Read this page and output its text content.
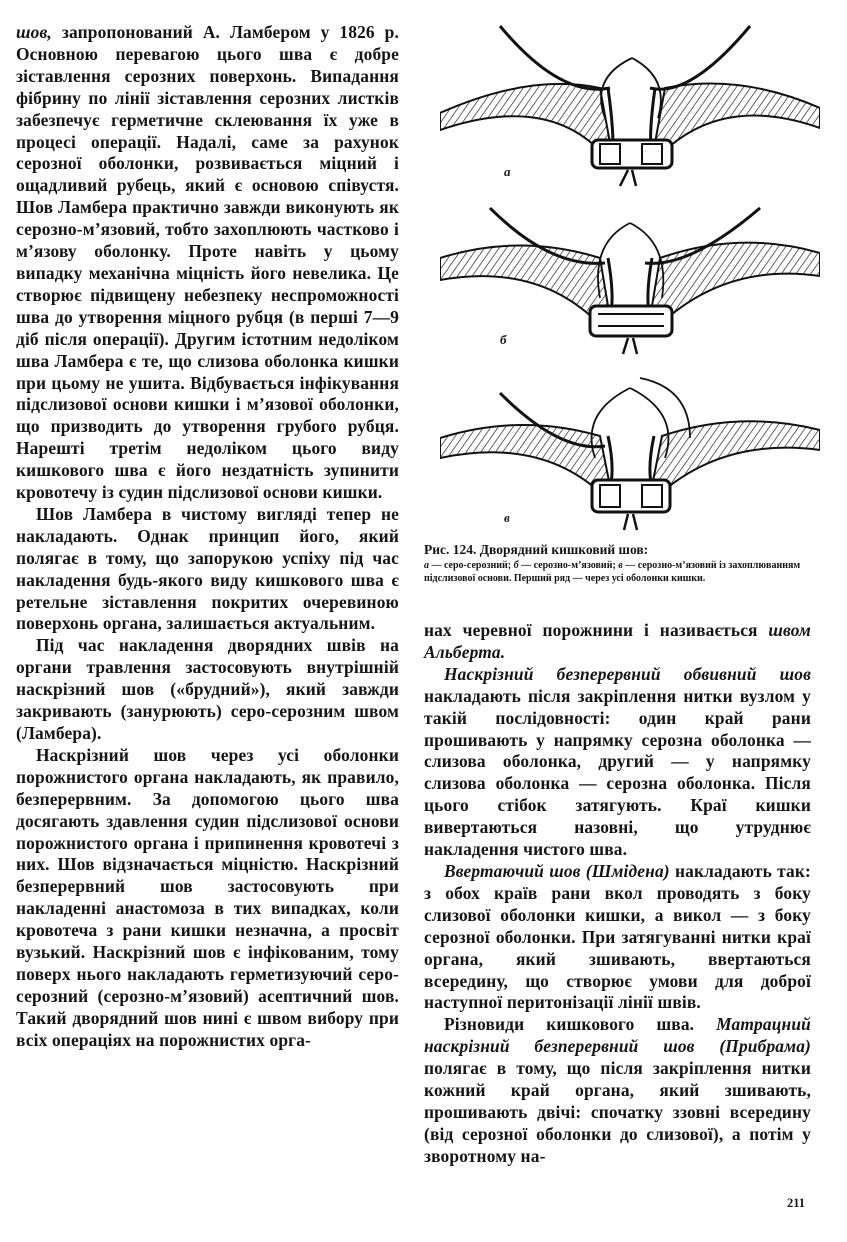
шов, запропонований А. Ламбером у 1826 р. Основною перевагою цього шва є добре зіставлення серозних поверхонь. Випадання фібрину по лінії зіставлення серозних листків забезпечує герметичне склеювання їх уже в процесі операції. Надалі, саме за рахунок серозної оболонки, розвивається міцний і ощадливий рубець, який є основою співустя. Шов Ламбера практично завжди виконують як серозно-м’язовий, тобто захоплюють частково і м’язову оболонку. Проте навіть у цьому випадку механічна міцність його невелика. Це створює підвищену небезпеку неспроможності шва до утворення міцного рубця (в перші 7—9 діб після операції). Другим істотним недоліком шва Ламбера є те, що слизова оболонка кишки при цьому не ушита. Відбувається інфікування підслизової основи кишки і м’язової оболонки, що призводить до утворення грубого рубця. Нарешті третім недоліком цього виду кишкового шва є його нездатність зупинити кровотечу із судин підслизової основи кишки.

Шов Ламбера в чистому вигляді тепер не накладають. Однак принцип його, який полягає в тому, що запорукою успіху під час накладення будь-якого виду кишкового шва є ретельне зіставлення покритих очеревиною поверхонь органа, залишається актуальним.

Під час накладення дворядних швів на органи травлення застосовують внутрішній наскрізний шов («брудний»), який завжди закривають (занурюють) серо-серозним швом (Ламбера).

Наскрізний шов через усі оболонки порожнистого органа накладають, як правило, безперервним. За допомогою цього шва досягають здавлення судин підслизової основи порожнистого органа і припинення кровотечі з них. Шов відзначається міцністю. Наскрізний безперервний шов застосовують при накладенні анастомоза в тих випадках, коли кровотеча з рани кишки незначна, а просвіт вузький. Наскрізний шов є інфікованим, тому поверх нього накладають герметизуючий серо-серозний (серозно-м’язовий) асептичний шов. Такий дворядний шов нині є швом вибору при всіх операціях на порожнистих орга-

а
б
в
Рис. 124. Дворядний кишковий шов:
а — серо-серозний; б — серозно-м’язовий; в — серозно-м’язовий із захоплюванням підслизової основи. Перший ряд — через усі оболонки кишки.

нах черевної порожнини і називається швом Альберта.

Наскрізний безперервний обвивний шов накладають після закріплення нитки вузлом у такій послідовності: один край рани прошивають у напрямку серозна оболонка — слизова оболонка, другий — у напрямку слизова оболонка — серозна оболонка. Після цього стібок затягують. Краї кишки вивертаються назовні, що утруднює накладення чистого шва.

Ввертаючий шов (Шмідена) накладають так: з обох країв рани вкол проводять з боку слизової оболонки кишки, а викол — з боку серозної оболонки. При затягуванні нитки краї органа, який зшивають, ввертаються всередину, що створює умови для доброї наступної перитонізації лінії швів.

Різновиди кишкового шва. Матрацний наскрізний безперервний шов (Прибрама) полягає в тому, що після закріплення нитки кожний край органа, який зшивають, прошивають двічі: спочатку ззовні всередину (від серозної оболонки до слизової), а потім у зворотному на-

211
